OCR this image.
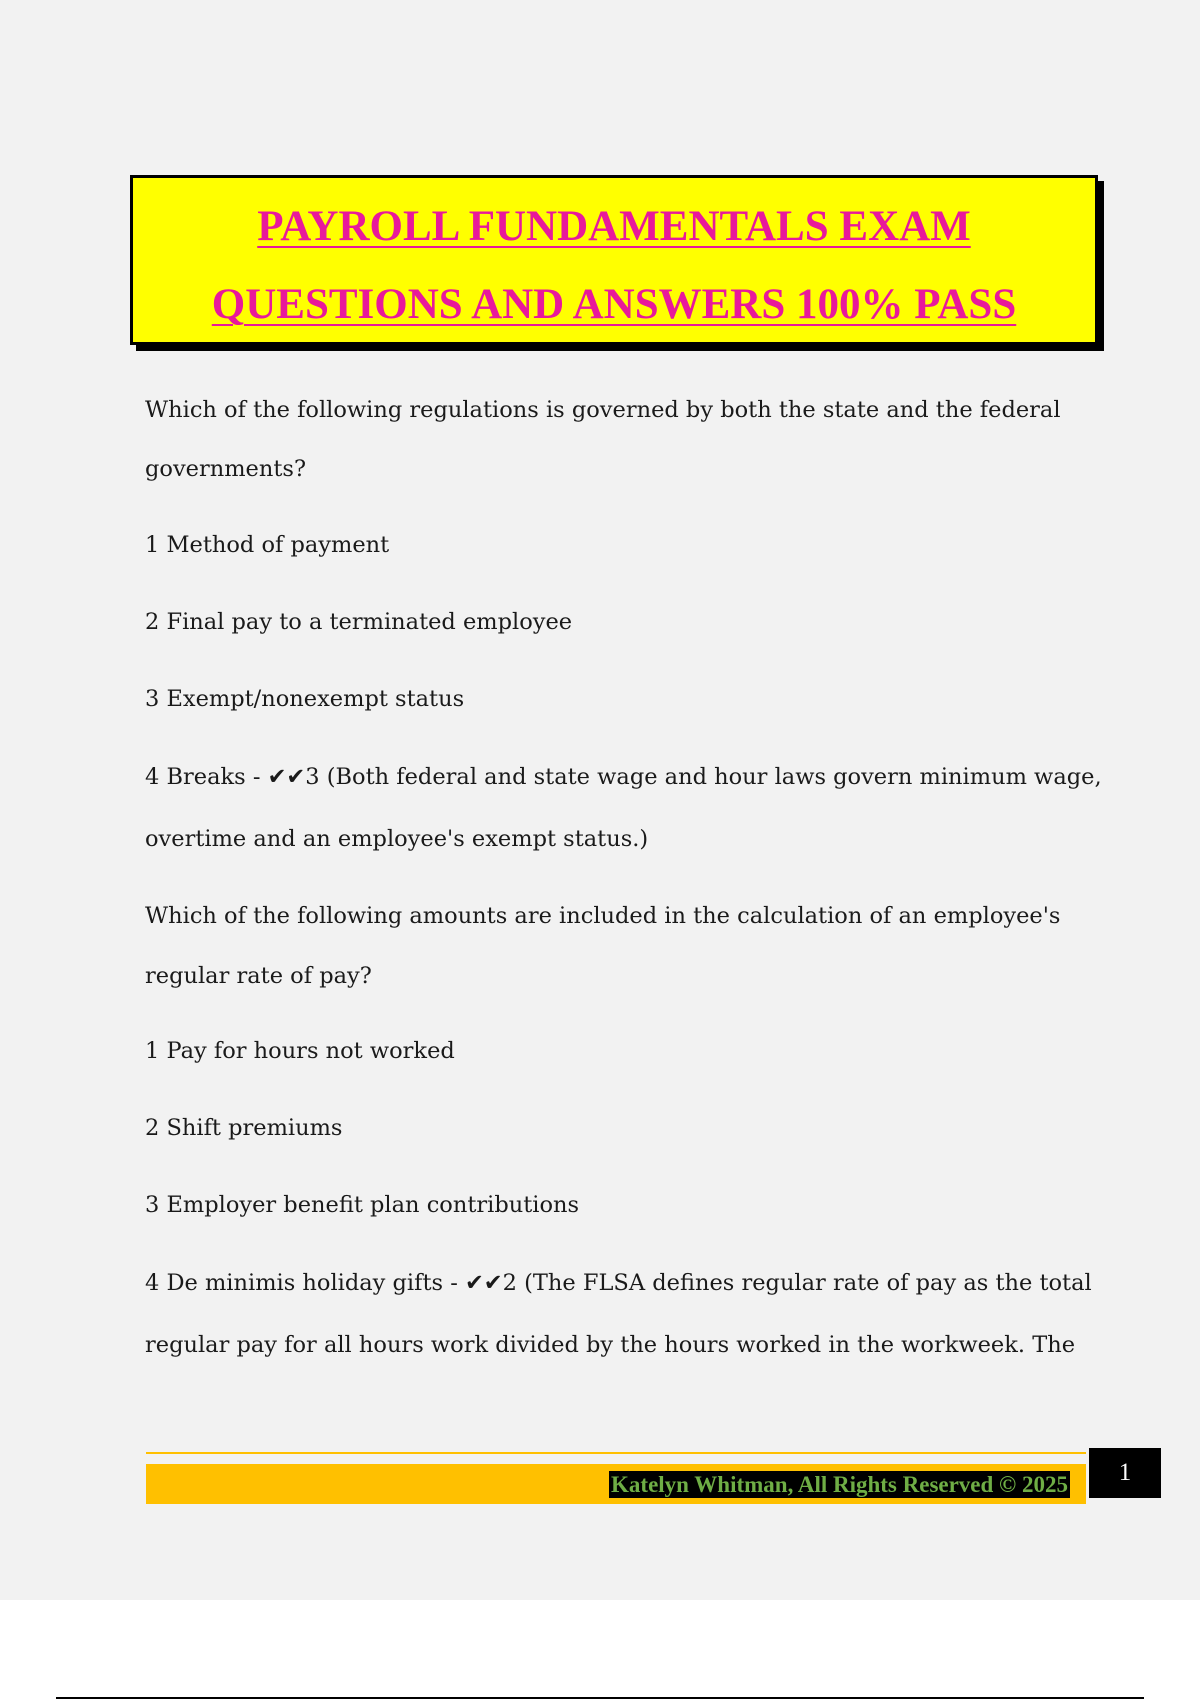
PAYROLL FUNDAMENTALS EXAM
QUESTIONS AND ANSWERS 100% PASS
Which of the following regulations is governed by both the state and the federal
governments?
1 Method of payment
2 Final pay to a terminated employee
3 Exempt/nonexempt status
4 Breaks - ✔✔3 (Both federal and state wage and hour laws govern minimum wage,
overtime and an employee's exempt status.)
Which of the following amounts are included in the calculation of an employee's
regular rate of pay?
1 Pay for hours not worked
2 Shift premiums
3 Employer benefit plan contributions
4 De minimis holiday gifts - ✔✔2 (The FLSA defines regular rate of pay as the total
regular pay for all hours work divided by the hours worked in the workweek. The
Katelyn Whitman, All Rights Reserved © 2025	1
